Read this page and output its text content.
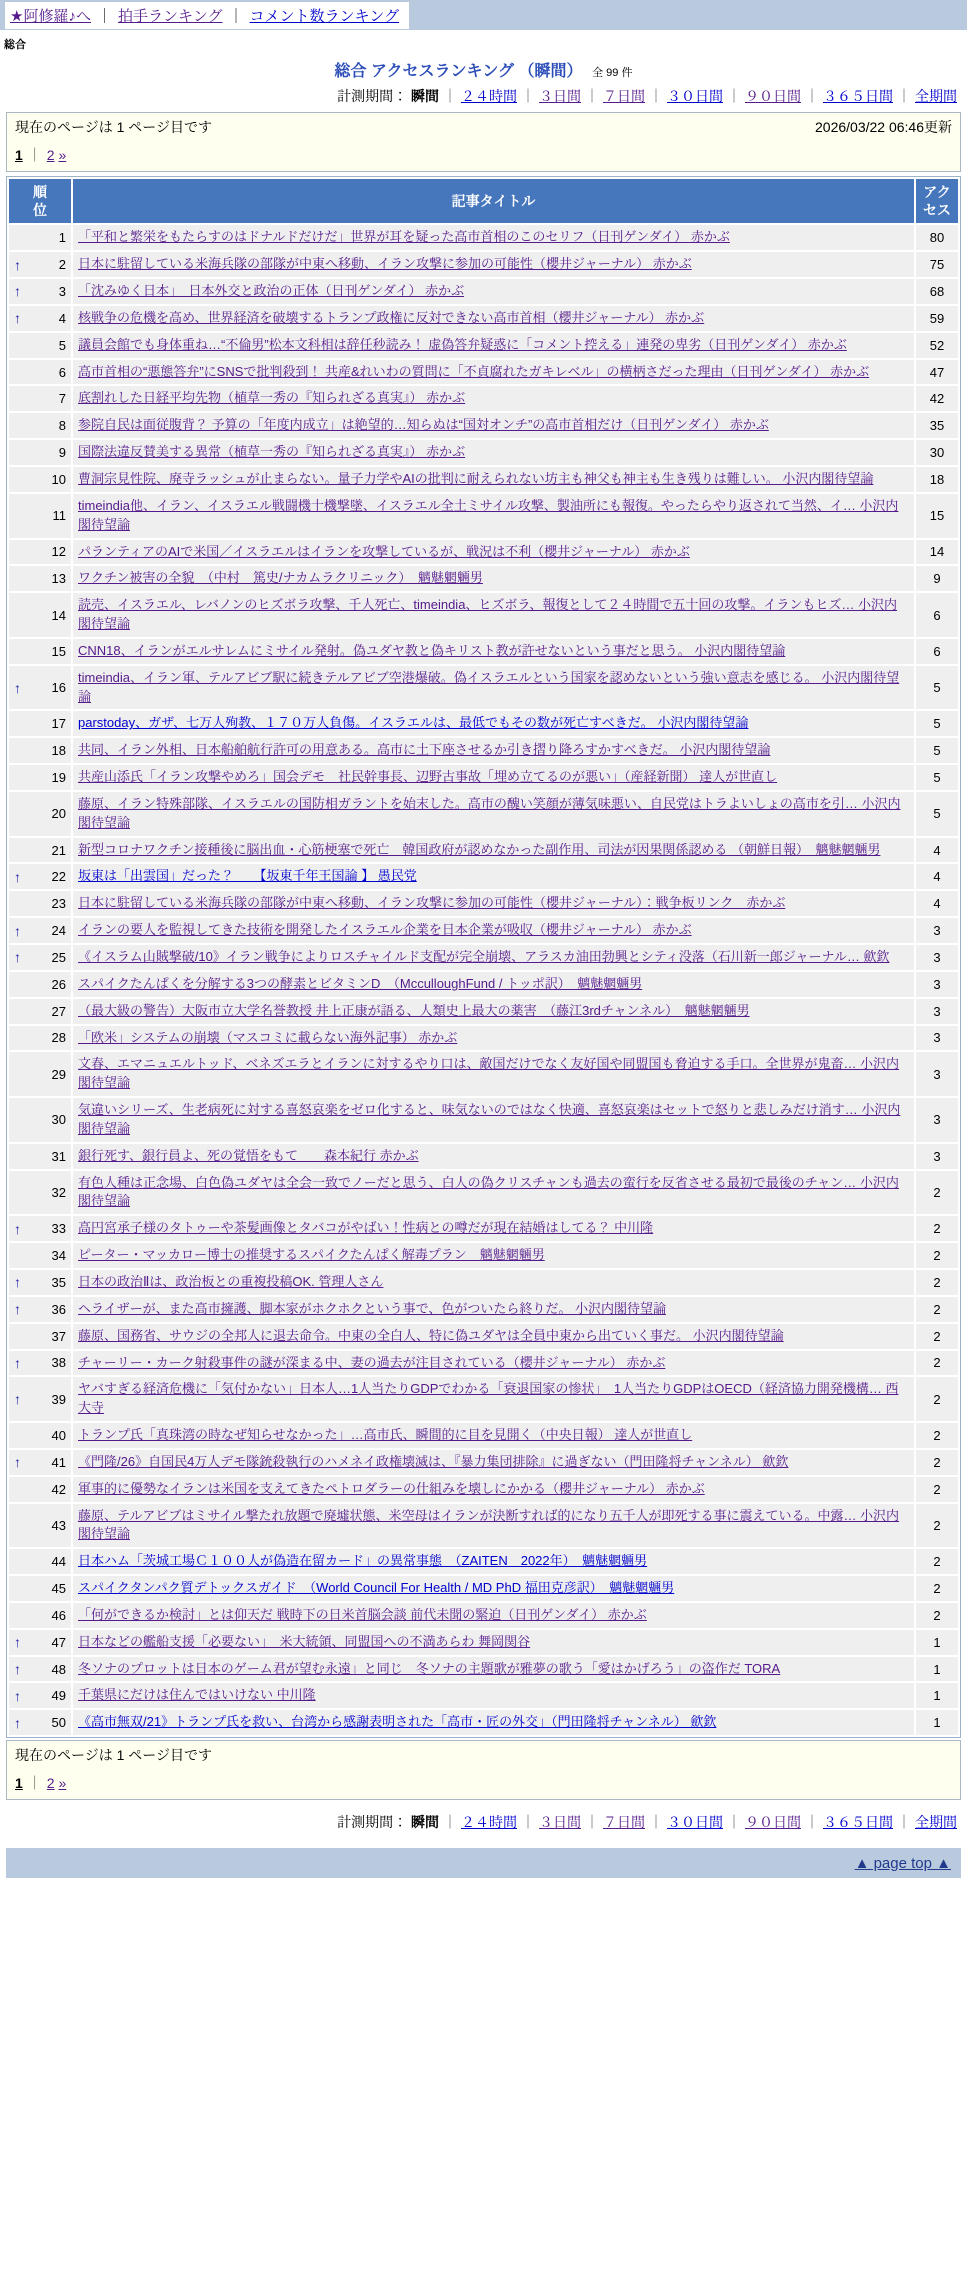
★阿修羅♪へ ｜ 拍手ランキング ｜ コメント数ランキング
総合
総合 アクセスランキング （瞬間） 全 99 件
計測期間： 瞬間 ｜ ２４時間 ｜ ３日間 ｜ ７日間 ｜ ３０日間 ｜ ９０日間 ｜ ３６５日間 ｜ 全期間
現在のページは 1 ページ目です	2026/03/22 06:46更新
1 ｜ 2 »
順位	記事タイトル	アクセス

1	「平和と繁栄をもたらすのはドナルドだけだ」世界が耳を疑った高市首相のこのセリフ（日刊ゲンダイ） 赤かぶ	80

↑ 2	日本に駐留している米海兵隊の部隊が中東へ移動、イラン攻撃に参加の可能性（櫻井ジャーナル） 赤かぶ	75

↑ 3	「沈みゆく日本」　日本外交と政治の正体（日刊ゲンダイ） 赤かぶ	68

↑ 4	核戦争の危機を高め、世界経済を破壊するトランプ政権に反対できない高市首相（櫻井ジャーナル） 赤かぶ	59

5	議員会館でも身体重ね…“不倫男”松本文科相は辞任秒読み！ 虚偽答弁疑惑に「コメント控える」連発の卑劣（日刊ゲンダイ） 赤かぶ	52

6	高市首相の“悪態答弁”にSNSで批判殺到！ 共産&れいわの質問に「不貞腐れたガキレベル」の横柄さだった理由（日刊ゲンダイ） 赤かぶ	47

7	底割れした日経平均先物（植草一秀の『知られざる真実』） 赤かぶ	42

8	参院自民は面従腹背？ 予算の「年度内成立」は絶望的…知らぬは“国対オンチ”の高市首相だけ（日刊ゲンダイ） 赤かぶ	35

9	国際法違反賛美する異常（植草一秀の『知られざる真実』） 赤かぶ	30

10	曹洞宗見性院、廃寺ラッシュが止まらない。量子力学やAIの批判に耐えられない坊主も神父も神主も生き残りは難しい。 小沢内閣待望論	18

11	timeindia他、イラン、イスラエル戦闘機十機撃墜、イスラエル全土ミサイル攻撃、製油所にも報復。やったらやり返されて当然、イ… 小沢内閣待望論	15

12	パランティアのAIで米国／イスラエルはイランを攻撃しているが、戦況は不利（櫻井ジャーナル） 赤かぶ	14

13	ワクチン被害の全貌　（中村　篤史/ナカムラクリニック）　魑魅魍魎男	9

14	読売、イスラエル、レバノンのヒズボラ攻撃、千人死亡、timeindia、ヒズボラ、報復として２４時間で五十回の攻撃。イランもヒズ… 小沢内閣待望論	6

15	CNN18、イランがエルサレムにミサイル発射。偽ユダヤ教と偽キリスト教が許せないという事だと思う。 小沢内閣待望論	6

↑ 16	timeindia、イラン軍、テルアビブ駅に続きテルアビブ空港爆破。偽イスラエルという国家を認めないという強い意志を感じる。 小沢内閣待望論	5

17	parstoday、ガザ、七万人殉教、１７０万人負傷。イスラエルは、最低でもその数が死亡すべきだ。 小沢内閣待望論	5

18	共同、イラン外相、日本船舶航行許可の用意ある。高市に土下座させるか引き摺り降ろすかすべきだ。 小沢内閣待望論	5

19	共産山添氏「イラン攻撃やめろ」国会デモ　社民幹事長、辺野古事故「埋め立てるのが悪い」（産経新聞） 達人が世直し	5

20	藤原、イラン特殊部隊、イスラエルの国防相ガラントを始末した。高市の醜い笑顔が薄気味悪い、自民党はトラよいしょの高市を引… 小沢内閣待望論	5

21	新型コロナワクチン接種後に脳出血・心筋梗塞で死亡　韓国政府が認めなかった副作用、司法が因果関係認める （朝鮮日報）　魑魅魍魎男	4

↑ 22	坂東は「出雲国」だった？　　【坂東千年王国論 】 愚民党	4

23	日本に駐留している米海兵隊の部隊が中東へ移動、イラン攻撃に参加の可能性（櫻井ジャーナル）：戦争板リンク　赤かぶ	4

↑ 24	イランの要人を監視してきた技術を開発したイスラエル企業を日本企業が吸収（櫻井ジャーナル） 赤かぶ	3

↑ 25	《イスラム山賊撃破/10》イラン戦争によりロスチャイルド支配が完全崩壊、アラスカ油田勃興とシティ没落（石川新一郎ジャーナル… 歛欽	3

26	スパイクたんぱくを分解する3つの酵素とビタミンD　（McculloughFund / トッポ訳）　魑魅魍魎男	3

27	（最大級の警告）大阪市立大学名誉教授 井上正康が語る、人類史上最大の薬害　（藤江3rdチャンネル）　魑魅魍魎男	3

28	「欧米」システムの崩壊（マスコミに載らない海外記事） 赤かぶ	3

29	文春、エマニュエルトッド、ベネズエラとイランに対するやり口は、敵国だけでなく友好国や同盟国も脅迫する手口。全世界が鬼畜… 小沢内閣待望論	3

30	気違いシリーズ、生老病死に対する喜怒哀楽をゼロ化すると、味気ないのではなく快適、喜怒哀楽はセットで怒りと悲しみだけ消す… 小沢内閣待望論	3

31	銀行死す、銀行員よ、死の覚悟をもて　　森本紀行 赤かぶ	3

32	有色人種は正念場、白色偽ユダヤは全会一致でノーだと思う、白人の偽クリスチャンも過去の蛮行を反省させる最初で最後のチャン… 小沢内閣待望論	2

↑ 33	高円宮承子様のタトゥーや茶髪画像とタバコがやばい！性病との噂だが現在結婚はしてる？ 中川隆	2

34	ピーター・マッカロー博士の推奨するスパイクたんぱく解毒プラン　魑魅魍魎男	2

↑ 35	日本の政治Ⅱは、政治板との重複投稿OK. 管理人さん	2

↑ 36	ヘライザーが、また高市擁護、脚本家がホクホクという事で、色がついたら終りだ。 小沢内閣待望論	2

37	藤原、国務省、サウジの全邦人に退去命令。中東の全白人、特に偽ユダヤは全員中東から出ていく事だ。 小沢内閣待望論	2

↑ 38	チャーリー・カーク射殺事件の謎が深まる中、妻の過去が注目されている（櫻井ジャーナル） 赤かぶ	2

↑ 39	ヤバすぎる経済危機に「気付かない」日本人…1人当たりGDPでわかる「衰退国家の惨状」　1人当たりGDPはOECD（経済協力開発機構… 西大寺	2

40	トランプ氏「真珠湾の時なぜ知らせなかった」…高市氏、瞬間的に目を見開く（中央日報） 達人が世直し	2

↑ 41	《門隆/26》自国民4万人デモ隊銃殺執行のハメネイ政権壊滅は、『暴力集団排除』に過ぎない（門田隆将チャンネル） 歛欽	2

42	軍事的に優勢なイランは米国を支えてきたペトロダラーの仕組みを壊しにかかる（櫻井ジャーナル） 赤かぶ	2

43	藤原、テルアビブはミサイル撃たれ放題で廃墟状態、米空母はイランが決断すれば的になり五千人が即死する事に震えている。中露… 小沢内閣待望論	2

44	日本ハム「茨城工場Ｃ１００人が偽造在留カード」の異常事態　（ZAITEN　2022年）　魑魅魍魎男	2

45	スパイクタンパク質デトックスガイド　（World Council For Health / MD PhD 福田克彦訳）　魑魅魍魎男	2

46	「何ができるか検討」とは仰天だ 戦時下の日米首脳会談 前代未聞の緊迫（日刊ゲンダイ） 赤かぶ	2

↑ 47	日本などの艦船支援「必要ない」　米大統領、同盟国への不満あらわ 舞岡関谷	1

↑ 48	冬ソナのプロットは日本のゲーム君が望む永遠」と同じ　冬ソナの主題歌が雅夢の歌う「愛はかげろう」の盗作だ TORA	1

↑ 49	千葉県にだけは住んではいけない 中川隆	1

↑ 50	《高市無双/21》トランプ氏を救い、台湾から感謝表明された「高市・匠の外交」（門田隆将チャンネル） 歛欽	1
現在のページは 1 ページ目です
1 ｜ 2 »
計測期間： 瞬間 ｜ ２４時間 ｜ ３日間 ｜ ７日間 ｜ ３０日間 ｜ ９０日間 ｜ ３６５日間 ｜ 全期間
▲ page top ▲
